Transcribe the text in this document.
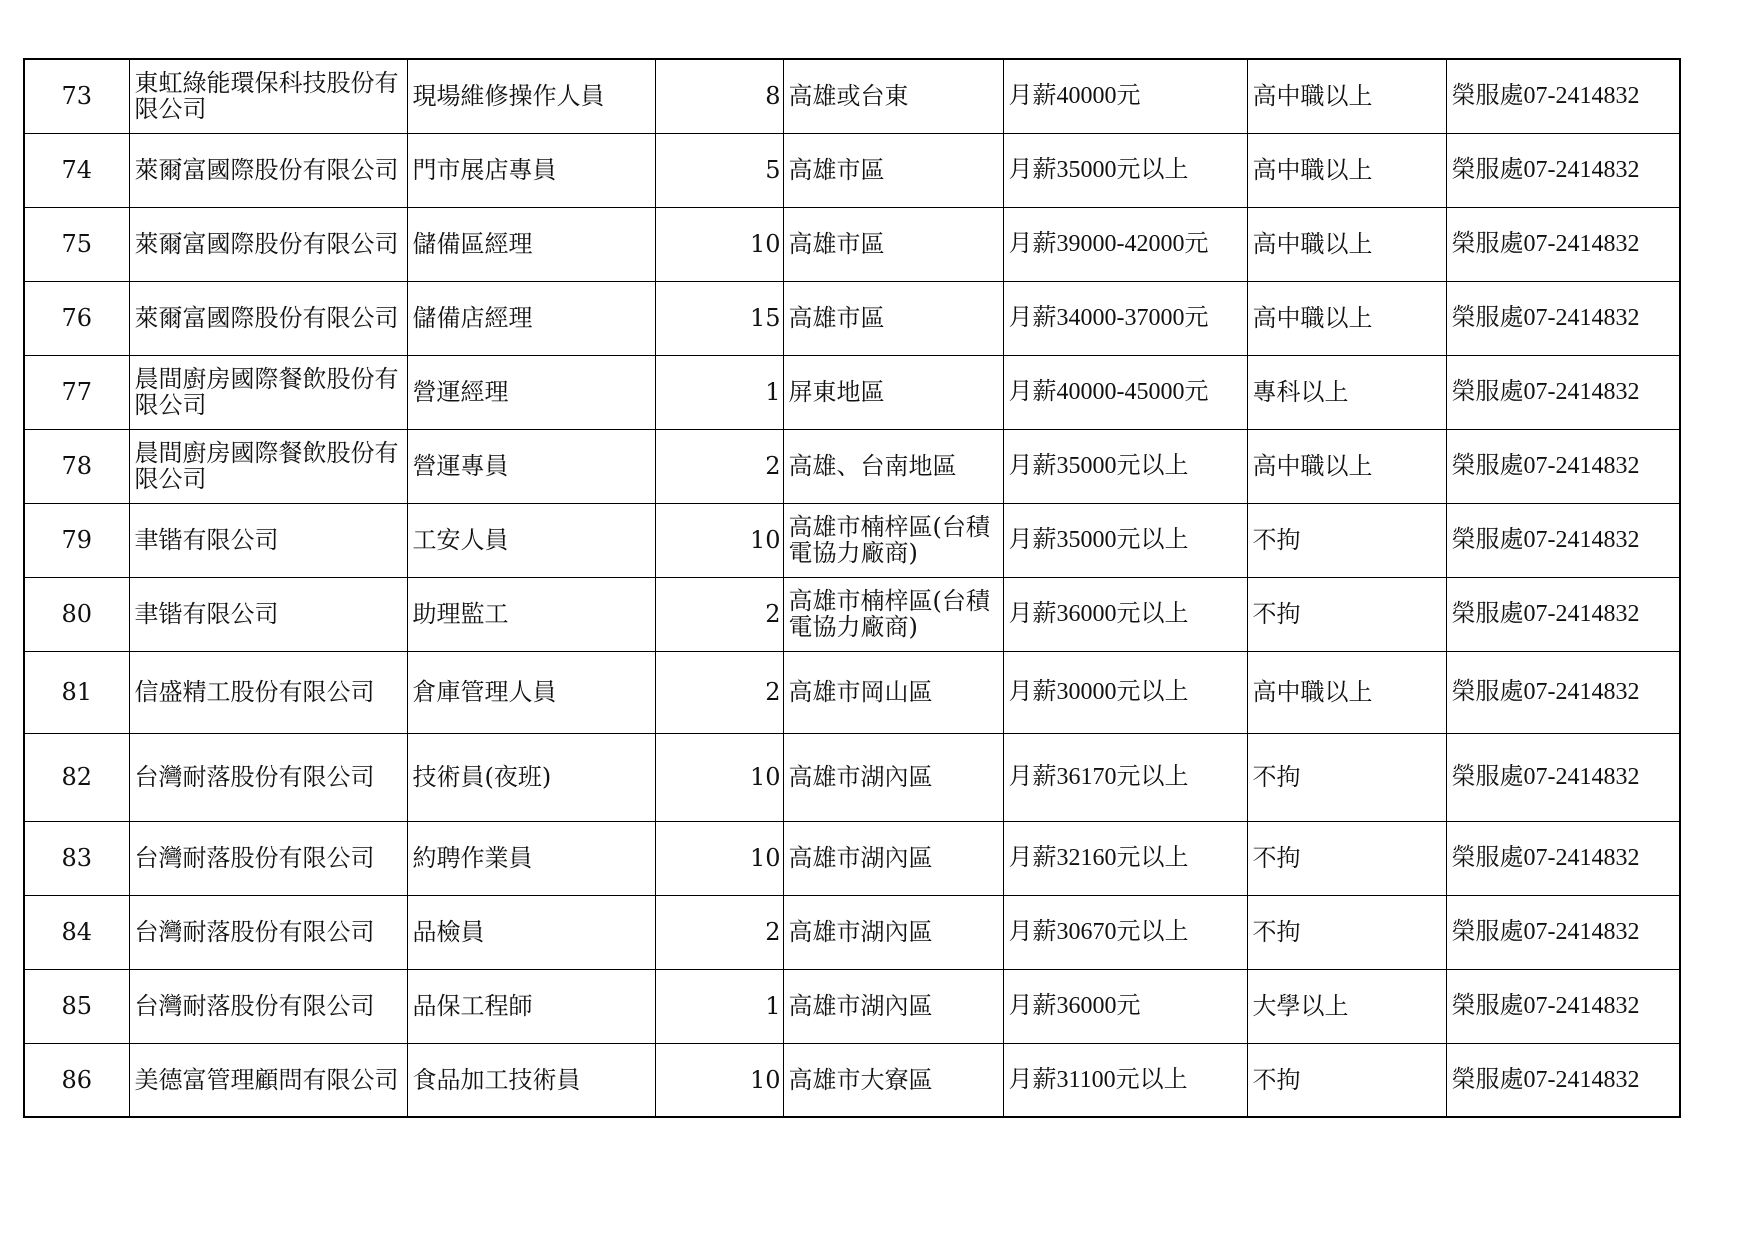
73	東虹綠能環保科技股份有限公司	現場維修操作人員	8	高雄或台東	月薪40000元	高中職以上	榮服處07-2414832
74	萊爾富國際股份有限公司	門市展店專員	5	高雄市區	月薪35000元以上	高中職以上	榮服處07-2414832
75	萊爾富國際股份有限公司	儲備區經理	10	高雄市區	月薪39000-42000元	高中職以上	榮服處07-2414832
76	萊爾富國際股份有限公司	儲備店經理	15	高雄市區	月薪34000-37000元	高中職以上	榮服處07-2414832
77	晨間廚房國際餐飲股份有限公司	營運經理	1	屏東地區	月薪40000-45000元	專科以上	榮服處07-2414832
78	晨間廚房國際餐飲股份有限公司	營運專員	2	高雄、台南地區	月薪35000元以上	高中職以上	榮服處07-2414832
79	聿锴有限公司	工安人員	10	高雄市楠梓區(台積電協力廠商)	月薪35000元以上	不拘	榮服處07-2414832
80	聿锴有限公司	助理監工	2	高雄市楠梓區(台積電協力廠商)	月薪36000元以上	不拘	榮服處07-2414832
81	信盛精工股份有限公司	倉庫管理人員	2	高雄市岡山區	月薪30000元以上	高中職以上	榮服處07-2414832
82	台灣耐落股份有限公司	技術員(夜班)	10	高雄市湖內區	月薪36170元以上	不拘	榮服處07-2414832
83	台灣耐落股份有限公司	約聘作業員	10	高雄市湖內區	月薪32160元以上	不拘	榮服處07-2414832
84	台灣耐落股份有限公司	品檢員	2	高雄市湖內區	月薪30670元以上	不拘	榮服處07-2414832
85	台灣耐落股份有限公司	品保工程師	1	高雄市湖內區	月薪36000元	大學以上	榮服處07-2414832
86	美德富管理顧問有限公司	食品加工技術員	10	高雄市大寮區	月薪31100元以上	不拘	榮服處07-2414832
